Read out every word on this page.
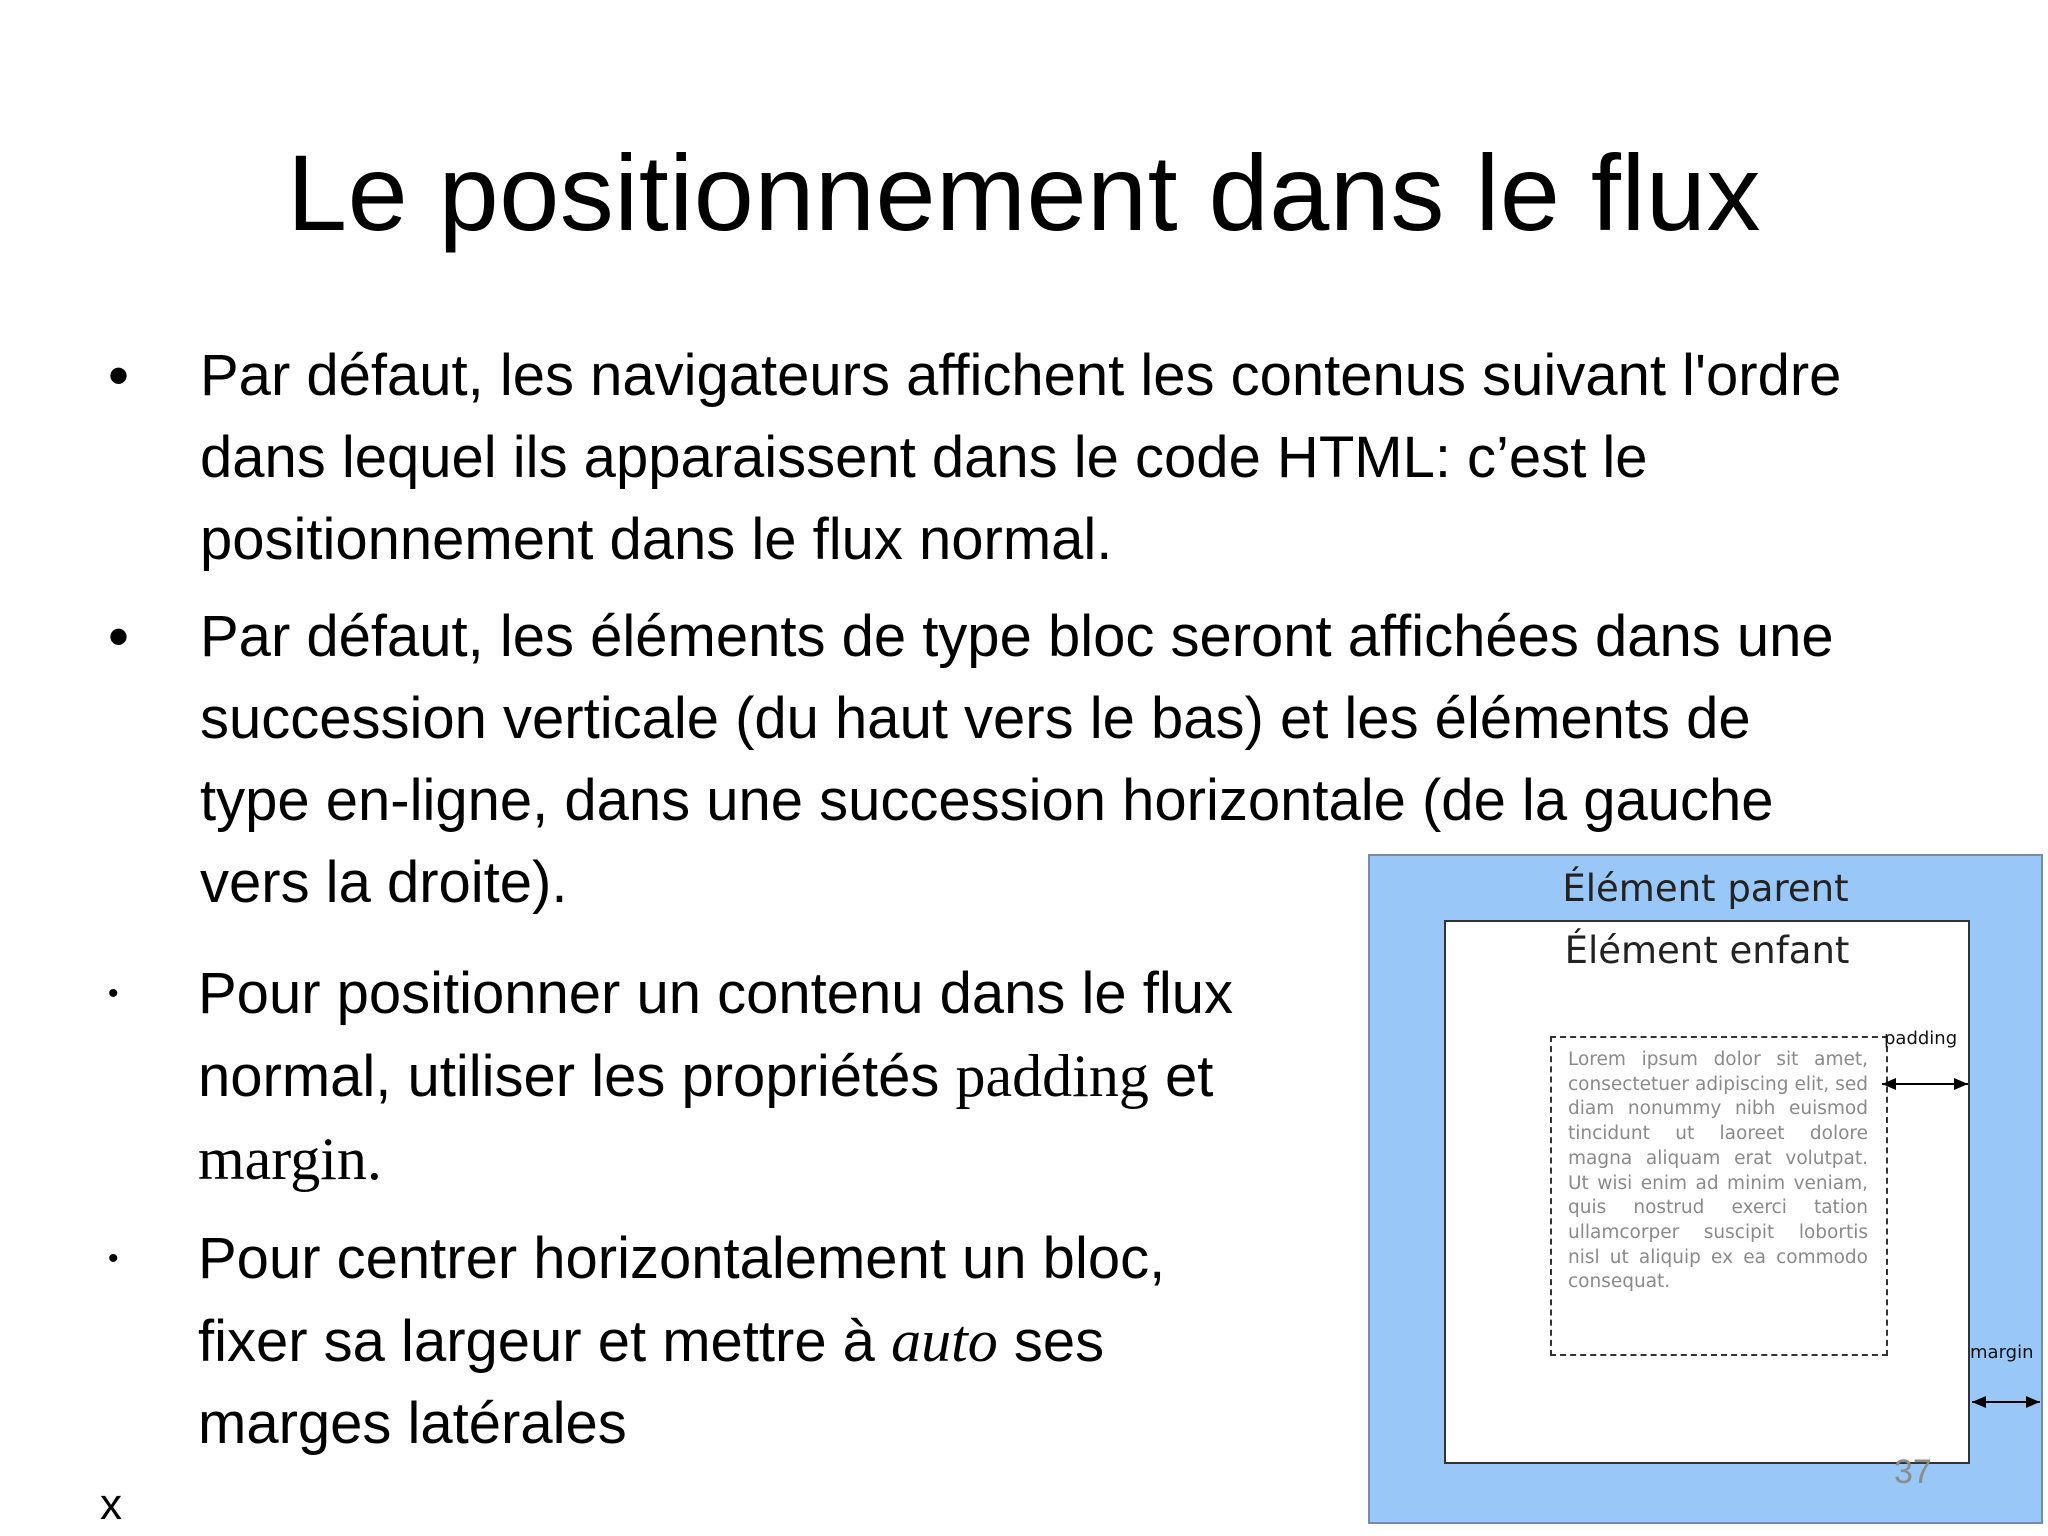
Le positionnement dans le flux
• Par défaut, les navigateurs affichent les contenus suivant l'ordre
dans lequel ils apparaissent dans le code HTML: c’est le
positionnement dans le flux normal.
• Par défaut, les éléments de type bloc seront affichées dans une
succession verticale (du haut vers le bas) et les éléments de
type en-ligne, dans une succession horizontale (de la gauche
vers la droite).
• Pour positionner un contenu dans le flux
normal, utiliser les propriétés padding et
margin.
• Pour centrer horizontalement un bloc,
fixer sa largeur et mettre à auto ses
marges latérales
x
Élément parent
Élément enfant
Lorem ipsum dolor sit amet, consectetuer adipiscing elit, sed diam nonummy nibh euismod tincidunt ut laoreet dolore magna aliquam erat volutpat. Ut wisi enim ad minim veniam, quis nostrud exerci tation ullamcorper suscipit lobortis nisl ut aliquip ex ea commodo consequat.
padding
margin
37
